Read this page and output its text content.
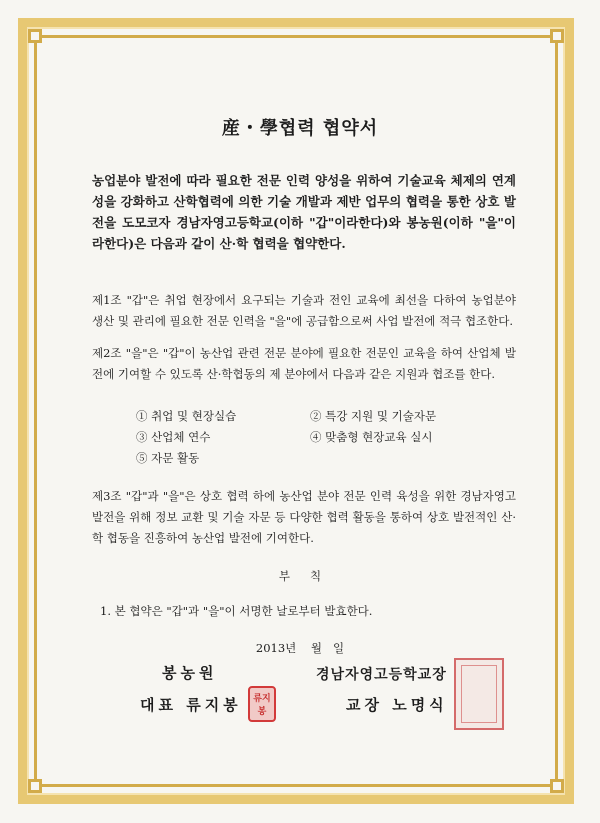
産・學협력 협약서
농업분야 발전에 따라 필요한 전문 인력 양성을 위하여 기술교육 체제의 연계성을 강화하고 산학협력에 의한 기술 개발과 제반 업무의 협력을 통한 상호 발전을 도모코자 경남자영고등학교(이하 "갑"이라한다)와 봉농원(이하 "을"이라한다)은 다음과 같이 산·학 협력을 협약한다.
제1조 "갑"은 취업 현장에서 요구되는 기술과 전인 교육에 최선을 다하여 농업분야 생산 및 관리에 필요한 전문 인력을 "을"에 공급함으로써 사업 발전에 적극 협조한다.
제2조 "을"은 "갑"이 농산업 관련 전문 분야에 필요한 전문인 교육을 하여 산업체 발전에 기여할 수 있도록 산·학협동의 제 분야에서 다음과 같은 지원과 협조를 한다.
① 취업 및 현장실습	② 특강 지원 및 기술자문
③ 산업체 연수	④ 맞춤형 현장교육 실시
⑤ 자문 활동
제3조 "갑"과 "을"은 상호 협력 하에 농산업 분야 전문 인력 육성을 위한 경남자영고 발전을 위해 정보 교환 및 기술 자문 등 다양한 협력 활동을 통하여 상호 발전적인 산·학 협동을 진흥하여 농산업 발전에 기여한다.
부칙
1. 본 협약은 "갑"과 "을"이 서명한 날로부터 발효한다.
2013년    월   일
봉농원
대표 류지봉	류지봉
경남자영고등학교장
교장 노명식
